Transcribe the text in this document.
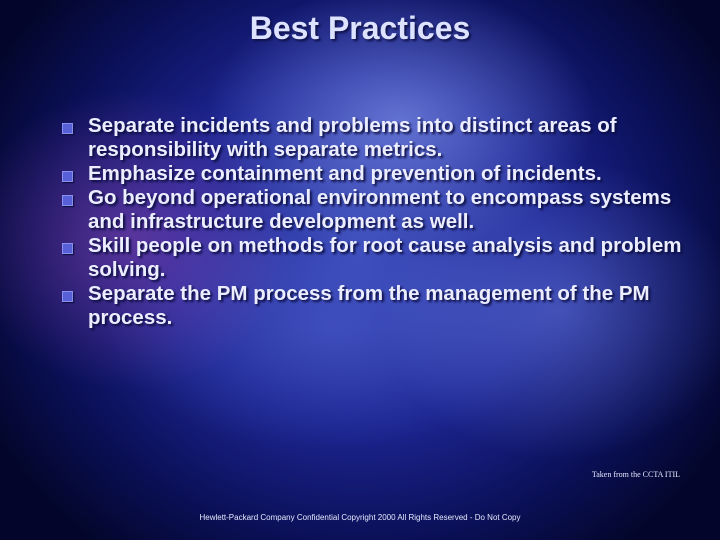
Best Practices
Separate incidents and problems into distinct areas of responsibility with separate metrics.
Emphasize containment and prevention of incidents.
Go beyond operational environment to encompass systems and infrastructure development as well.
Skill people on methods for root cause analysis and problem solving.
Separate the PM process from the management of the PM process.
Taken from the CCTA ITIL
Hewlett-Packard Company Confidential Copyright 2000 All Rights Reserved - Do Not Copy
